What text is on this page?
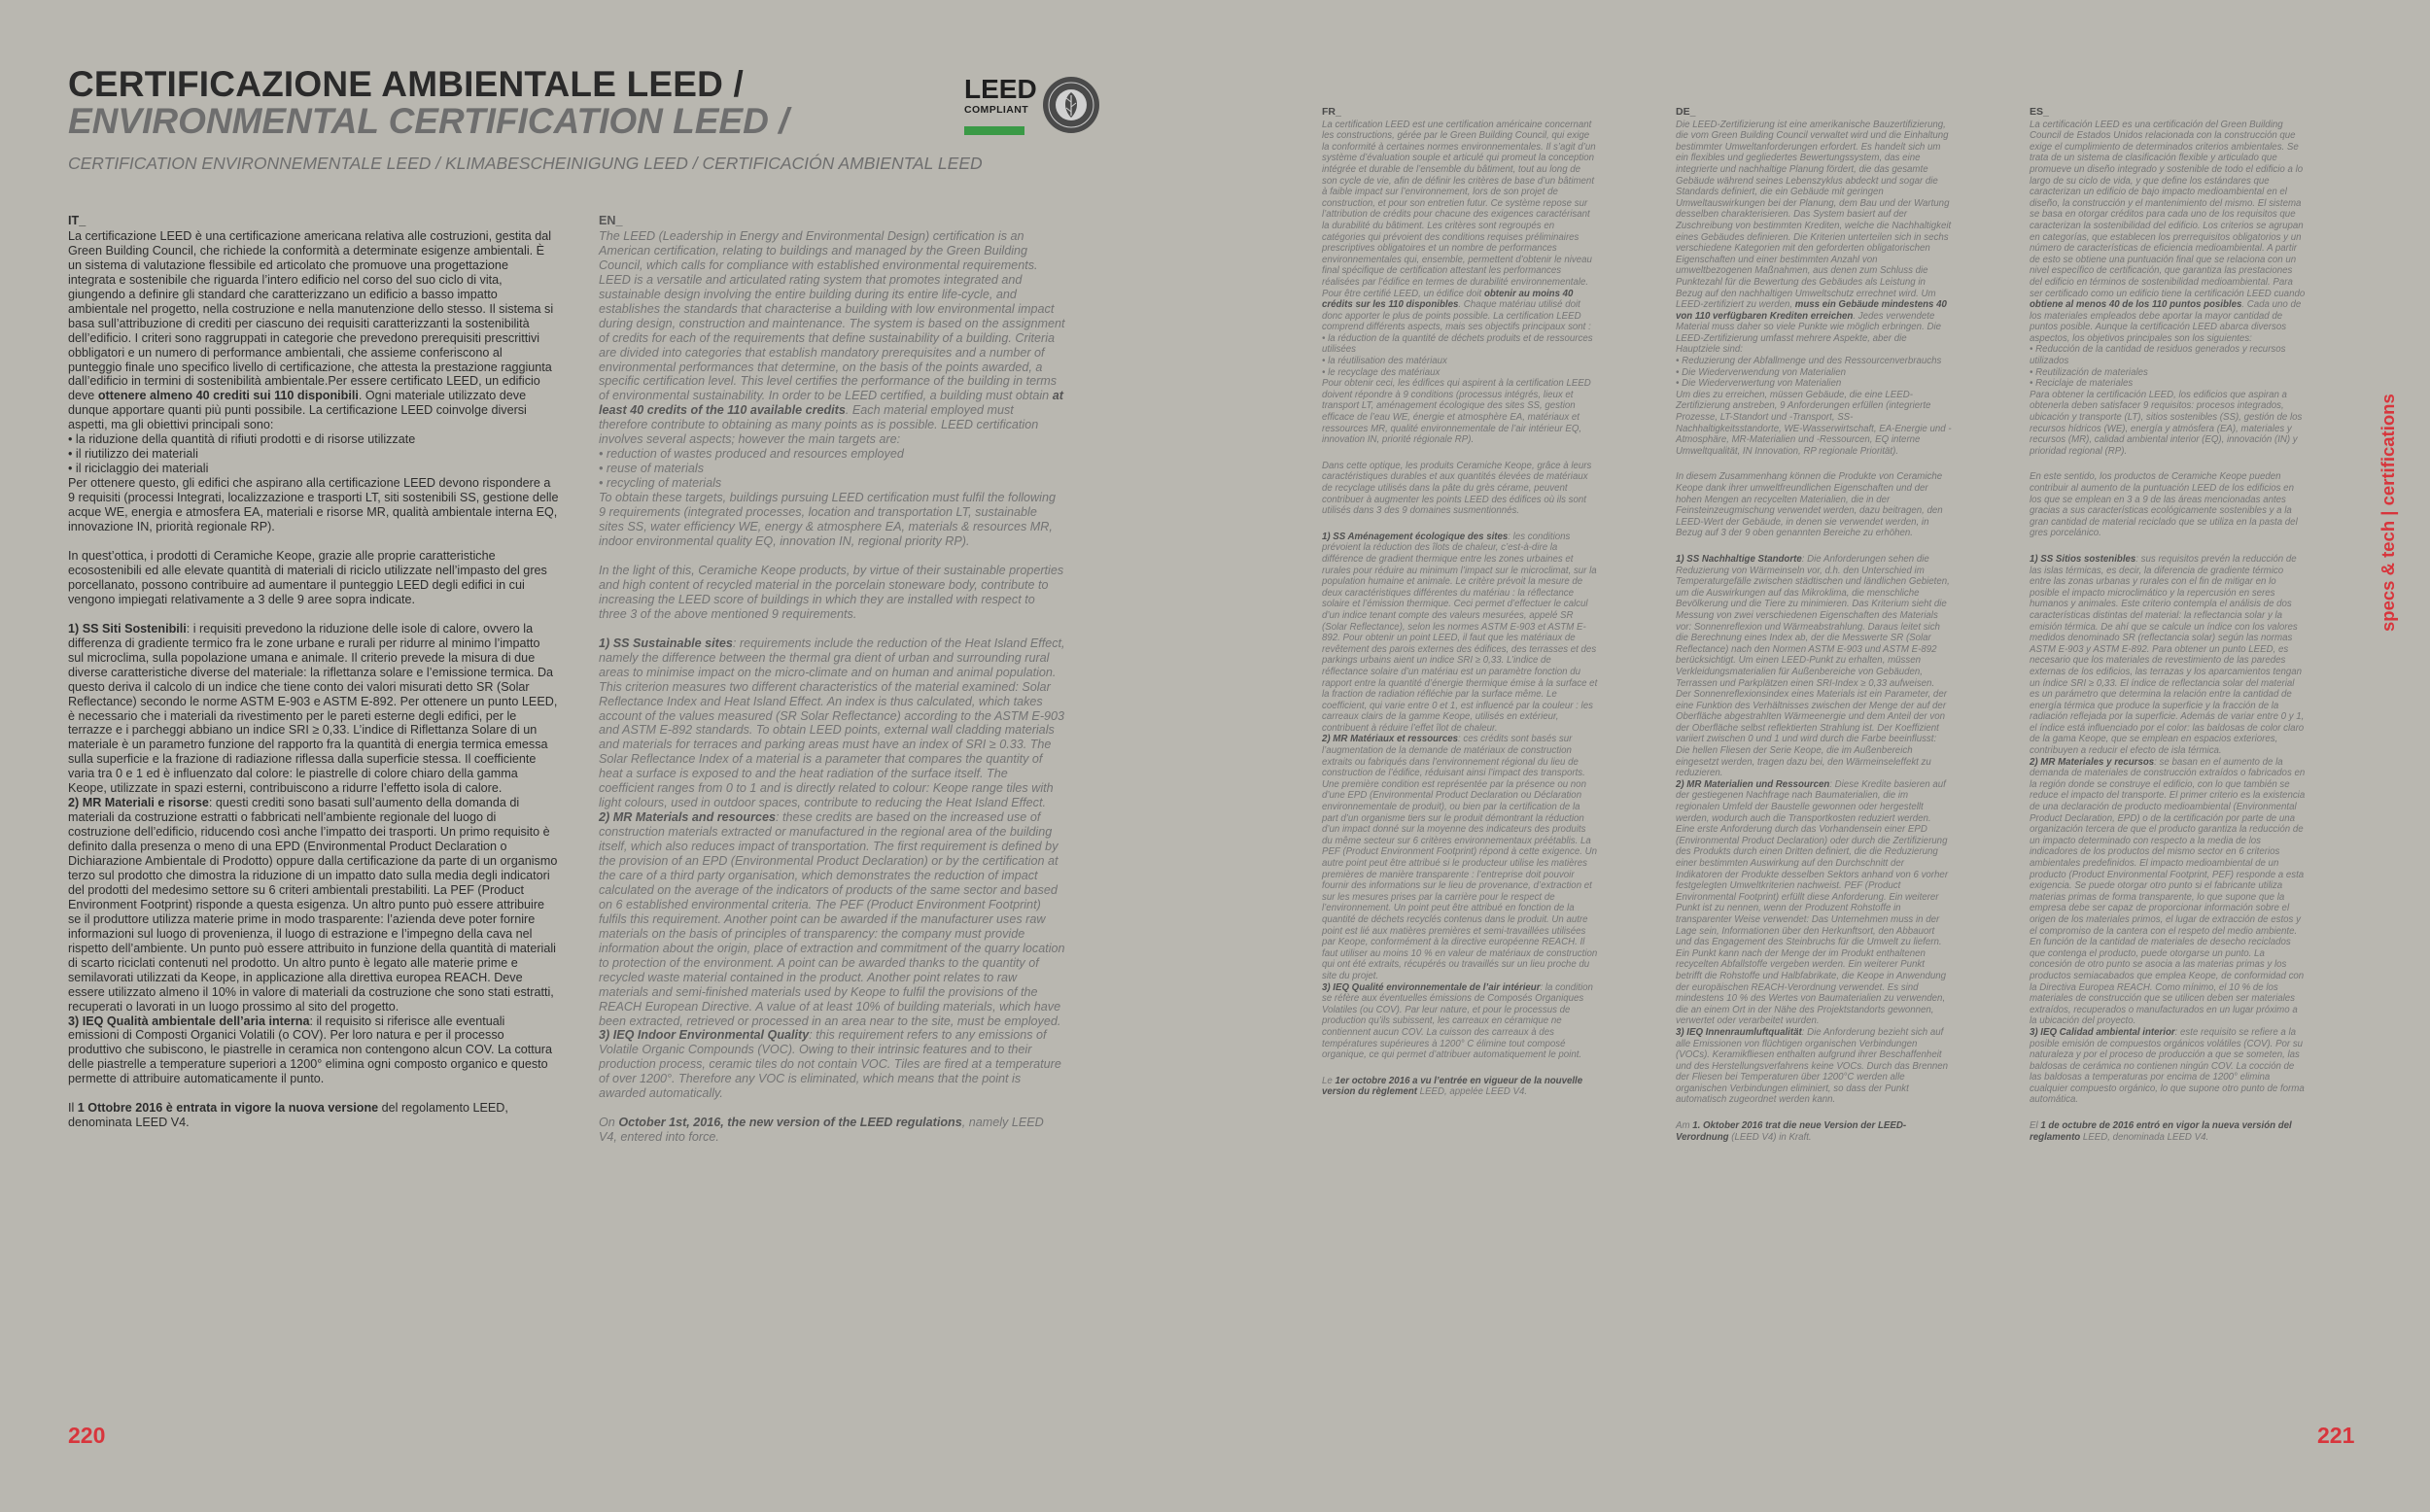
CERTIFICAZIONE AMBIENTALE LEED /
ENVIRONMENTAL CERTIFICATION LEED /
CERTIFICATION ENVIRONNEMENTALE LEED / KLIMABESCHEINIGUNG LEED / CERTIFICACIÓN AMBIENTAL LEED
LEED
COMPLIANT

IT_

La certificazione LEED è una certificazione americana relativa alle costruzioni, gestita dal Green Building Council, che richiede la conformità a determinate esigenze ambientali. È un sistema di valutazione flessibile ed articolato che promuove una progettazione integrata e sostenibile che riguarda l’intero edificio nel corso del suo ciclo di vita, giungendo a definire gli standard che caratterizzano un edificio a basso impatto ambientale nel progetto, nella costruzione e nella manutenzione dello stesso. Il sistema si basa sull’attribuzione di crediti per ciascuno dei requisiti caratterizzanti la sostenibilità dell’edificio. I criteri sono raggruppati in categorie che prevedono prerequisiti prescrittivi obbligatori e un numero di performance ambientali, che assieme conferiscono al punteggio finale uno specifico livello di certificazione, che attesta la prestazione raggiunta dall’edificio in termini di sostenibilità ambientale.Per essere certificato LEED, un edificio deve ottenere almeno 40 crediti sui 110 disponibili. Ogni materiale utilizzato deve dunque apportare quanti più punti possibile. La certificazione LEED coinvolge diversi aspetti, ma gli obiettivi principali sono:

• la riduzione della quantità di rifiuti prodotti e di risorse utilizzate

• il riutilizzo dei materiali

• il riciclaggio dei materiali

Per ottenere questo, gli edifici che aspirano alla certificazione LEED devono rispondere a 9 requisiti (processi Integrati, localizzazione e trasporti LT, siti sostenibili SS, gestione delle acque WE, energia e atmosfera EA, materiali e risorse MR, qualità ambientale interna EQ, innovazione IN, priorità regionale RP).

In quest’ottica, i prodotti di Ceramiche Keope, grazie alle proprie caratteristiche ecosostenibili ed alle elevate quantità di materiali di riciclo utilizzate nell’impasto del gres porcellanato, possono contribuire ad aumentare il punteggio LEED degli edifici in cui vengono impiegati relativamente a 3 delle 9 aree sopra indicate.

1) SS Siti Sostenibili: i requisiti prevedono la riduzione delle isole di calore, ovvero la differenza di gradiente termico fra le zone urbane e rurali per ridurre al minimo l’impatto sul microclima, sulla popolazione umana e animale. Il criterio prevede la misura di due diverse caratteristiche diverse del materiale: la riflettanza solare e l’emissione termica. Da questo deriva il calcolo di un indice che tiene conto dei valori misurati detto SR (Solar Reflectance) secondo le norme ASTM E-903 e ASTM E-892. Per ottenere un punto LEED, è necessario che i materiali da rivestimento per le pareti esterne degli edifici, per le terrazze e i parcheggi abbiano un indice SRI ≥ 0,33. L’indice di Riflettanza Solare di un materiale è un parametro funzione del rapporto fra la quantità di energia termica emessa sulla superficie e la frazione di radiazione riflessa dalla superficie stessa. Il coefficiente varia tra 0 e 1 ed è influenzato dal colore: le piastrelle di colore chiaro della gamma Keope, utilizzate in spazi esterni, contribuiscono a ridurre l’effetto isola di calore.

2) MR Materiali e risorse: questi crediti sono basati sull’aumento della domanda di materiali da costruzione estratti o fabbricati nell’ambiente regionale del luogo di costruzione dell’edificio, riducendo così anche l’impatto dei trasporti. Un primo requisito è definito dalla presenza o meno di una EPD (Environmental Product Declaration o Dichiarazione Ambientale di Prodotto) oppure dalla certificazione da parte di un organismo terzo sul prodotto che dimostra la riduzione di un impatto dato sulla media degli indicatori del prodotti del medesimo settore su 6 criteri ambientali prestabiliti. La PEF (Product Environment Footprint) risponde a questa esigenza. Un altro punto può essere attribuire se il produttore utilizza materie prime in modo trasparente: l’azienda deve poter fornire informazioni sul luogo di provenienza, il luogo di estrazione e l’impegno della cava nel rispetto dell’ambiente. Un punto può essere attribuito in funzione della quantità di materiali di scarto riciclati contenuti nel prodotto. Un altro punto è legato alle materie prime e semilavorati utilizzati da Keope, in applicazione alla direttiva europea REACH. Deve essere utilizzato almeno il 10% in valore di materiali da costruzione che sono stati estratti, recuperati o lavorati in un luogo prossimo al sito del progetto.

3) IEQ Qualità ambientale dell’aria interna: il requisito si riferisce alle eventuali emissioni di Composti Organici Volatili (o COV). Per loro natura e per il processo produttivo che subiscono, le piastrelle in ceramica non contengono alcun COV. La cottura delle piastrelle a temperature superiori a 1200° elimina ogni composto organico e questo permette di attribuire automaticamente il punto.

Il 1 Ottobre 2016 è entrata in vigore la nuova versione del regolamento LEED, denominata LEED V4.

EN_

The LEED (Leadership in Energy and Environmental Design) certification is an American certification, relating to buildings and managed by the Green Building Council, which calls for compliance with established environmental requirements. LEED is a versatile and articulated rating system that promotes integrated and sustainable design involving the entire building during its entire life-cycle, and establishes the standards that characterise a building with low environmental impact during design, construction and maintenance. The system is based on the assignment of credits for each of the requirements that define sustainability of a building. Criteria are divided into categories that establish mandatory prerequisites and a number of environmental performances that determine, on the basis of the points awarded, a specific certification level. This level certifies the performance of the building in terms of environmental sustainability. In order to be LEED certified, a building must obtain at least 40 credits of the 110 available credits. Each material employed must therefore contribute to obtaining as many points as is possible. LEED certification involves several aspects; however the main targets are:

• reduction of wastes produced and resources employed

• reuse of materials

• recycling of materials

To obtain these targets, buildings pursuing LEED certification must fulfil the following 9 requirements (integrated processes, location and transportation LT, sustainable sites SS, water efficiency WE, energy & atmosphere EA, materials & resources MR, indoor environmental quality EQ, innovation IN, regional priority RP).

In the light of this, Ceramiche Keope products, by virtue of their sustainable properties and high content of recycled material in the porcelain stoneware body, contribute to increasing the LEED score of buildings in which they are installed with respect to three 3 of the above mentioned 9 requirements.

1) SS Sustainable sites: requirements include the reduction of the Heat Island Effect, namely the difference between the thermal gra dient of urban and surrounding rural areas to minimise impact on the micro-climate and on human and animal population. This criterion measures two different characteristics of the material examined: Solar Reflectance Index and Heat Island Effect. An index is thus calculated, which takes account of the values measured (SR Solar Reflectance) according to the ASTM E-903 and ASTM E-892 standards. To obtain LEED points, external wall cladding materials and materials for terraces and parking areas must have an index of SRI ≥ 0.33. The Solar Reflectance Index of a material is a parameter that compares the quantity of heat a surface is exposed to and the heat radiation of the surface itself. The coefficient ranges from 0 to 1 and is directly related to colour: Keope range tiles with light colours, used in outdoor spaces, contribute to reducing the Heat Island Effect.

2) MR Materials and resources: these credits are based on the increased use of construction materials extracted or manufactured in the regional area of the building itself, which also reduces impact of transportation. The first requirement is defined by the provision of an EPD (Environmental Product Declaration) or by the certification at the care of a third party organisation, which demonstrates the reduction of impact calculated on the average of the indicators of products of the same sector and based on 6 established environmental criteria. The PEF (Product Environment Footprint) fulfils this requirement. Another point can be awarded if the manufacturer uses raw materials on the basis of principles of transparency: the company must provide information about the origin, place of extraction and commitment of the quarry location to protection of the environment. A point can be awarded thanks to the quantity of recycled waste material contained in the product. Another point relates to raw materials and semi-finished materials used by Keope to fulfil the provisions of the REACH European Directive. A value of at least 10% of building materials, which have been extracted, retrieved or processed in an area near to the site, must be employed.

3) IEQ Indoor Environmental Quality: this requirement refers to any emissions of Volatile Organic Compounds (VOC). Owing to their intrinsic features and to their production process, ceramic tiles do not contain VOC. Tiles are fired at a temperature of over 1200°. Therefore any VOC is eliminated, which means that the point is awarded automatically.

On October 1st, 2016, the new version of the LEED regulations, namely LEED V4, entered into force.

FR_

La certification LEED est une certification américaine concernant les constructions, gérée par le Green Building Council, qui exige la conformité à certaines normes environnementales. Il s’agit d’un système d’évaluation souple et articulé qui promeut la conception intégrée et durable de l’ensemble du bâtiment, tout au long de son cycle de vie, afin de définir les critères de base d’un bâtiment à faible impact sur l’environnement, lors de son projet de construction, et pour son entretien futur. Ce système repose sur l’attribution de crédits pour chacune des exigences caractérisant la durabilité du bâtiment. Les critères sont regroupés en catégories qui prévoient des conditions requises préliminaires prescriptives obligatoires et un nombre de performances environnementales qui, ensemble, permettent d’obtenir le niveau final spécifique de certification attestant les performances réalisées par l’édifice en termes de durabilité environnementale. Pour être certifié LEED, un édifice doit obtenir au moins 40 crédits sur les 110 disponibles. Chaque matériau utilisé doit donc apporter le plus de points possible. La certification LEED comprend différents aspects, mais ses objectifs principaux sont :

• la réduction de la quantité de déchets produits et de ressources utilisées

• la réutilisation des matériaux

• le recyclage des matériaux

Pour obtenir ceci, les édifices qui aspirent à la certification LEED doivent répondre à 9 conditions (processus intégrés, lieux et transport LT, aménagement écologique des sites SS, gestion efficace de l’eau WE, énergie et atmosphère EA, matériaux et ressources MR, qualité environnementale de l’air intérieur EQ, innovation IN, priorité régionale RP).

Dans cette optique, les produits Ceramiche Keope, grâce à leurs caractéristiques durables et aux quantités élevées de matériaux de recyclage utilisés dans la pâte du grès cérame, peuvent contribuer à augmenter les points LEED des édifices où ils sont utilisés dans 3 des 9 domaines susmentionnés.

1) SS Aménagement écologique des sites: les conditions prévoient la réduction des îlots de chaleur, c’est-à-dire la différence de gradient thermique entre les zones urbaines et rurales pour réduire au minimum l’impact sur le microclimat, sur la population humaine et animale. Le critère prévoit la mesure de deux caractéristiques différentes du matériau : la réflectance solaire et l’émission thermique. Ceci permet d’effectuer le calcul d’un indice tenant compte des valeurs mesurées, appelé SR (Solar Reflectance), selon les normes ASTM E-903 et ASTM E-892. Pour obtenir un point LEED, il faut que les matériaux de revêtement des parois externes des édifices, des terrasses et des parkings urbains aient un indice SRI ≥ 0,33. L’indice de réflectance solaire d’un matériau est un paramètre fonction du rapport entre la quantité d’énergie thermique émise à la surface et la fraction de radiation réfléchie par la surface même. Le coefficient, qui varie entre 0 et 1, est influencé par la couleur : les carreaux clairs de la gamme Keope, utilisés en extérieur, contribuent à réduire l’effet îlot de chaleur.

2) MR Matériaux et ressources: ces crédits sont basés sur l’augmentation de la demande de matériaux de construction extraits ou fabriqués dans l’environnement régional du lieu de construction de l’édifice, réduisant ainsi l’impact des transports. Une première condition est représentée par la présence ou non d’une EPD (Environmental Product Declaration ou Déclaration environnementale de produit), ou bien par la certification de la part d’un organisme tiers sur le produit démontrant la réduction d’un impact donné sur la moyenne des indicateurs des produits du même secteur sur 6 critères environnementaux préétablis. La PEF (Product Environment Footprint) répond à cette exigence. Un autre point peut être attribué si le producteur utilise les matières premières de manière transparente : l’entreprise doit pouvoir fournir des informations sur le lieu de provenance, d’extraction et sur les mesures prises par la carrière pour le respect de l’environnement. Un point peut être attribué en fonction de la quantité de déchets recyclés contenus dans le produit. Un autre point est lié aux matières premières et semi-travaillées utilisées par Keope, conformément à la directive européenne REACH. Il faut utiliser au moins 10 % en valeur de matériaux de construction qui ont été extraits, récupérés ou travaillés sur un lieu proche du site du projet.

3) IEQ Qualité environnementale de l’air intérieur: la condition se réfère aux éventuelles émissions de Composés Organiques Volatiles (ou COV). Par leur nature, et pour le processus de production qu’ils subissent, les carreaux en céramique ne contiennent aucun COV. La cuisson des carreaux à des températures supérieures à 1200° C élimine tout composé organique, ce qui permet d’attribuer automatiquement le point.

Le 1er octobre 2016 a vu l’entrée en vigueur de la nouvelle version du règlement LEED, appelée LEED V4.

DE_

Die LEED-Zertifizierung ist eine amerikanische Bauzertifizierung, die vom Green Building Council verwaltet wird und die Einhaltung bestimmter Umweltanforderungen erfordert. Es handelt sich um ein flexibles und gegliedertes Bewertungssystem, das eine integrierte und nachhaltige Planung fördert, die das gesamte Gebäude während seines Lebenszyklus abdeckt und sogar die Standards definiert, die ein Gebäude mit geringen Umweltauswirkungen bei der Planung, dem Bau und der Wartung desselben charakterisieren. Das System basiert auf der Zuschreibung von bestimmten Krediten, welche die Nachhaltigkeit eines Gebäudes definieren. Die Kriterien unterteilen sich in sechs verschiedene Kategorien mit den geforderten obligatorischen Eigenschaften und einer bestimmten Anzahl von umweltbezogenen Maßnahmen, aus denen zum Schluss die Punktezahl für die Bewertung des Gebäudes als Leistung in Bezug auf den nachhaltigen Umweltschutz errechnet wird. Um LEED-zertifiziert zu werden, muss ein Gebäude mindestens 40 von 110 verfügbaren Krediten erreichen. Jedes verwendete Material muss daher so viele Punkte wie möglich erbringen. Die LEED-Zertifizierung umfasst mehrere Aspekte, aber die Hauptziele sind:

• Reduzierung der Abfallmenge und des Ressourcenverbrauchs

• Die Wiederverwendung von Materialien

• Die Wiederverwertung von Materialien

Um dies zu erreichen, müssen Gebäude, die eine LEED-Zertifizierung anstreben, 9 Anforderungen erfüllen (integrierte Prozesse, LT-Standort und -Transport, SS-Nachhaltigkeitsstandorte, WE-Wasserwirtschaft, EA-Energie und -Atmosphäre, MR-Materialien und -Ressourcen, EQ interne Umweltqualität, IN Innovation, RP regionale Priorität).

In diesem Zusammenhang können die Produkte von Ceramiche Keope dank ihrer umweltfreundlichen Eigenschaften und der hohen Mengen an recycelten Materialien, die in der Feinsteinzeugmischung verwendet werden, dazu beitragen, den LEED-Wert der Gebäude, in denen sie verwendet werden, in Bezug auf 3 der 9 oben genannten Bereiche zu erhöhen.

1) SS Nachhaltige Standorte: Die Anforderungen sehen die Reduzierung von Wärmeinseln vor, d.h. den Unterschied im Temperaturgefälle zwischen städtischen und ländlichen Gebieten, um die Auswirkungen auf das Mikroklima, die menschliche Bevölkerung und die Tiere zu minimieren. Das Kriterium sieht die Messung von zwei verschiedenen Eigenschaften des Materials vor: Sonnenreflexion und Wärmeabstrahlung. Daraus leitet sich die Berechnung eines Index ab, der die Messwerte SR (Solar Reflectance) nach den Normen ASTM E-903 und ASTM E-892 berücksichtigt. Um einen LEED-Punkt zu erhalten, müssen Verkleidungsmaterialien für Außenbereiche von Gebäuden, Terrassen und Parkplätzen einen SRI-Index ≥ 0,33 aufweisen. Der Sonnenreflexionsindex eines Materials ist ein Parameter, der eine Funktion des Verhältnisses zwischen der Menge der auf der Oberfläche abgestrahlten Wärmeenergie und dem Anteil der von der Oberfläche selbst reflektierten Strahlung ist. Der Koeffizient variiert zwischen 0 und 1 und wird durch die Farbe beeinflusst: Die hellen Fliesen der Serie Keope, die im Außenbereich eingesetzt werden, tragen dazu bei, den Wärmeinseleffekt zu reduzieren.

2) MR Materialien und Ressourcen: Diese Kredite basieren auf der gestiegenen Nachfrage nach Baumaterialien, die im regionalen Umfeld der Baustelle gewonnen oder hergestellt werden, wodurch auch die Transportkosten reduziert werden. Eine erste Anforderung durch das Vorhandensein einer EPD (Environmental Product Declaration) oder durch die Zertifizierung des Produkts durch einen Dritten definiert, die die Reduzierung einer bestimmten Auswirkung auf den Durchschnitt der Indikatoren der Produkte desselben Sektors anhand von 6 vorher festgelegten Umweltkriterien nachweist. PEF (Product Environmental Footprint) erfüllt diese Anforderung. Ein weiterer Punkt ist zu nennen, wenn der Produzent Rohstoffe in transparenter Weise verwendet: Das Unternehmen muss in der Lage sein, Informationen über den Herkunftsort, den Abbauort und das Engagement des Steinbruchs für die Umwelt zu liefern. Ein Punkt kann nach der Menge der im Produkt enthaltenen recycelten Abfallstoffe vergeben werden. Ein weiterer Punkt betrifft die Rohstoffe und Halbfabrikate, die Keope in Anwendung der europäischen REACH-Verordnung verwendet. Es sind mindestens 10 % des Wertes von Baumaterialien zu verwenden, die an einem Ort in der Nähe des Projektstandorts gewonnen, verwertet oder verarbeitet wurden.

3) IEQ Innenraumluftqualität: Die Anforderung bezieht sich auf alle Emissionen von flüchtigen organischen Verbindungen (VOCs). Keramikfliesen enthalten aufgrund ihrer Beschaffenheit und des Herstellungsverfahrens keine VOCs. Durch das Brennen der Fliesen bei Temperaturen über 1200°C werden alle organischen Verbindungen eliminiert, so dass der Punkt automatisch zugeordnet werden kann.

Am 1. Oktober 2016 trat die neue Version der LEED-Verordnung (LEED V4) in Kraft.

ES_

La certificación LEED es una certificación del Green Building Council de Estados Unidos relacionada con la construcción que exige el cumplimiento de determinados criterios ambientales. Se trata de un sistema de clasificación flexible y articulado que promueve un diseño integrado y sostenible de todo el edificio a lo largo de su ciclo de vida, y que define los estándares que caracterizan un edificio de bajo impacto medioambiental en el diseño, la construcción y el mantenimiento del mismo. El sistema se basa en otorgar créditos para cada uno de los requisitos que caracterizan la sostenibilidad del edificio. Los criterios se agrupan en categorías, que establecen los prerrequisitos obligatorios y un número de características de eficiencia medioambiental. A partir de esto se obtiene una puntuación final que se relaciona con un nivel específico de certificación, que garantiza las prestaciones del edificio en términos de sostenibilidad medioambiental. Para ser certificado como un edificio tiene la certificación LEED cuando obtiene al menos 40 de los 110 puntos posibles. Cada uno de los materiales empleados debe aportar la mayor cantidad de puntos posible. Aunque la certificación LEED abarca diversos aspectos, los objetivos principales son los siguientes:

• Reducción de la cantidad de residuos generados y recursos utilizados

• Reutilización de materiales

• Reciclaje de materiales

Para obtener la certificación LEED, los edificios que aspiran a obtenerla deben satisfacer 9 requisitos: procesos integrados, ubicación y transporte (LT), sitios sostenibles (SS), gestión de los recursos hídricos (WE), energía y atmósfera (EA), materiales y recursos (MR), calidad ambiental interior (EQ), innovación (IN) y prioridad regional (RP).

En este sentido, los productos de Ceramiche Keope pueden contribuir al aumento de la puntuación LEED de los edificios en los que se emplean en 3 a 9 de las áreas mencionadas antes gracias a sus características ecológicamente sostenibles y a la gran cantidad de material reciclado que se utiliza en la pasta del gres porcelánico.

1) SS Sitios sostenibles: sus requisitos prevén la reducción de las islas térmicas, es decir, la diferencia de gradiente térmico entre las zonas urbanas y rurales con el fin de mitigar en lo posible el impacto microclimático y la repercusión en seres humanos y animales. Este criterio contempla el análisis de dos características distintas del material: la reflectancia solar y la emisión térmica. De ahí que se calcule un índice con los valores medidos denominado SR (reflectancia solar) según las normas ASTM E-903 y ASTM E-892. Para obtener un punto LEED, es necesario que los materiales de revestimiento de las paredes externas de los edificios, las terrazas y los aparcamientos tengan un índice SRI ≥ 0,33. El índice de reflectancia solar del material es un parámetro que determina la relación entre la cantidad de energía térmica que produce la superficie y la fracción de la radiación reflejada por la superficie. Además de variar entre 0 y 1, el índice está influenciado por el color: las baldosas de color claro de la gama Keope, que se emplean en espacios exteriores, contribuyen a reducir el efecto de isla térmica.

2) MR Materiales y recursos: se basan en el aumento de la demanda de materiales de construcción extraídos o fabricados en la región donde se construye el edificio, con lo que también se reduce el impacto del transporte. El primer criterio es la existencia de una declaración de producto medioambiental (Environmental Product Declaration, EPD) o de la certificación por parte de una organización tercera de que el producto garantiza la reducción de un impacto determinado con respecto a la media de los indicadores de los productos del mismo sector en 6 criterios ambientales predefinidos. El impacto medioambiental de un producto (Product Environmental Footprint, PEF) responde a esta exigencia. Se puede otorgar otro punto si el fabricante utiliza materias primas de forma transparente, lo que supone que la empresa debe ser capaz de proporcionar información sobre el origen de los materiales primos, el lugar de extracción de estos y el compromiso de la cantera con el respeto del medio ambiente. En función de la cantidad de materiales de desecho reciclados que contenga el producto, puede otorgarse un punto. La concesión de otro punto se asocia a las materias primas y los productos semiacabados que emplea Keope, de conformidad con la Directiva Europea REACH. Como mínimo, el 10 % de los materiales de construcción que se utilicen deben ser materiales extraídos, recuperados o manufacturados en un lugar próximo a la ubicación del proyecto.

3) IEQ Calidad ambiental interior: este requisito se refiere a la posible emisión de compuestos orgánicos volátiles (COV). Por su naturaleza y por el proceso de producción a que se someten, las baldosas de cerámica no contienen ningún COV. La cocción de las baldosas a temperaturas por encima de 1200° elimina cualquier compuesto orgánico, lo que supone otro punto de forma automática.

El 1 de octubre de 2016 entró en vigor la nueva versión del reglamento LEED, denominada LEED V4.

220	221
specs & tech | certifications
